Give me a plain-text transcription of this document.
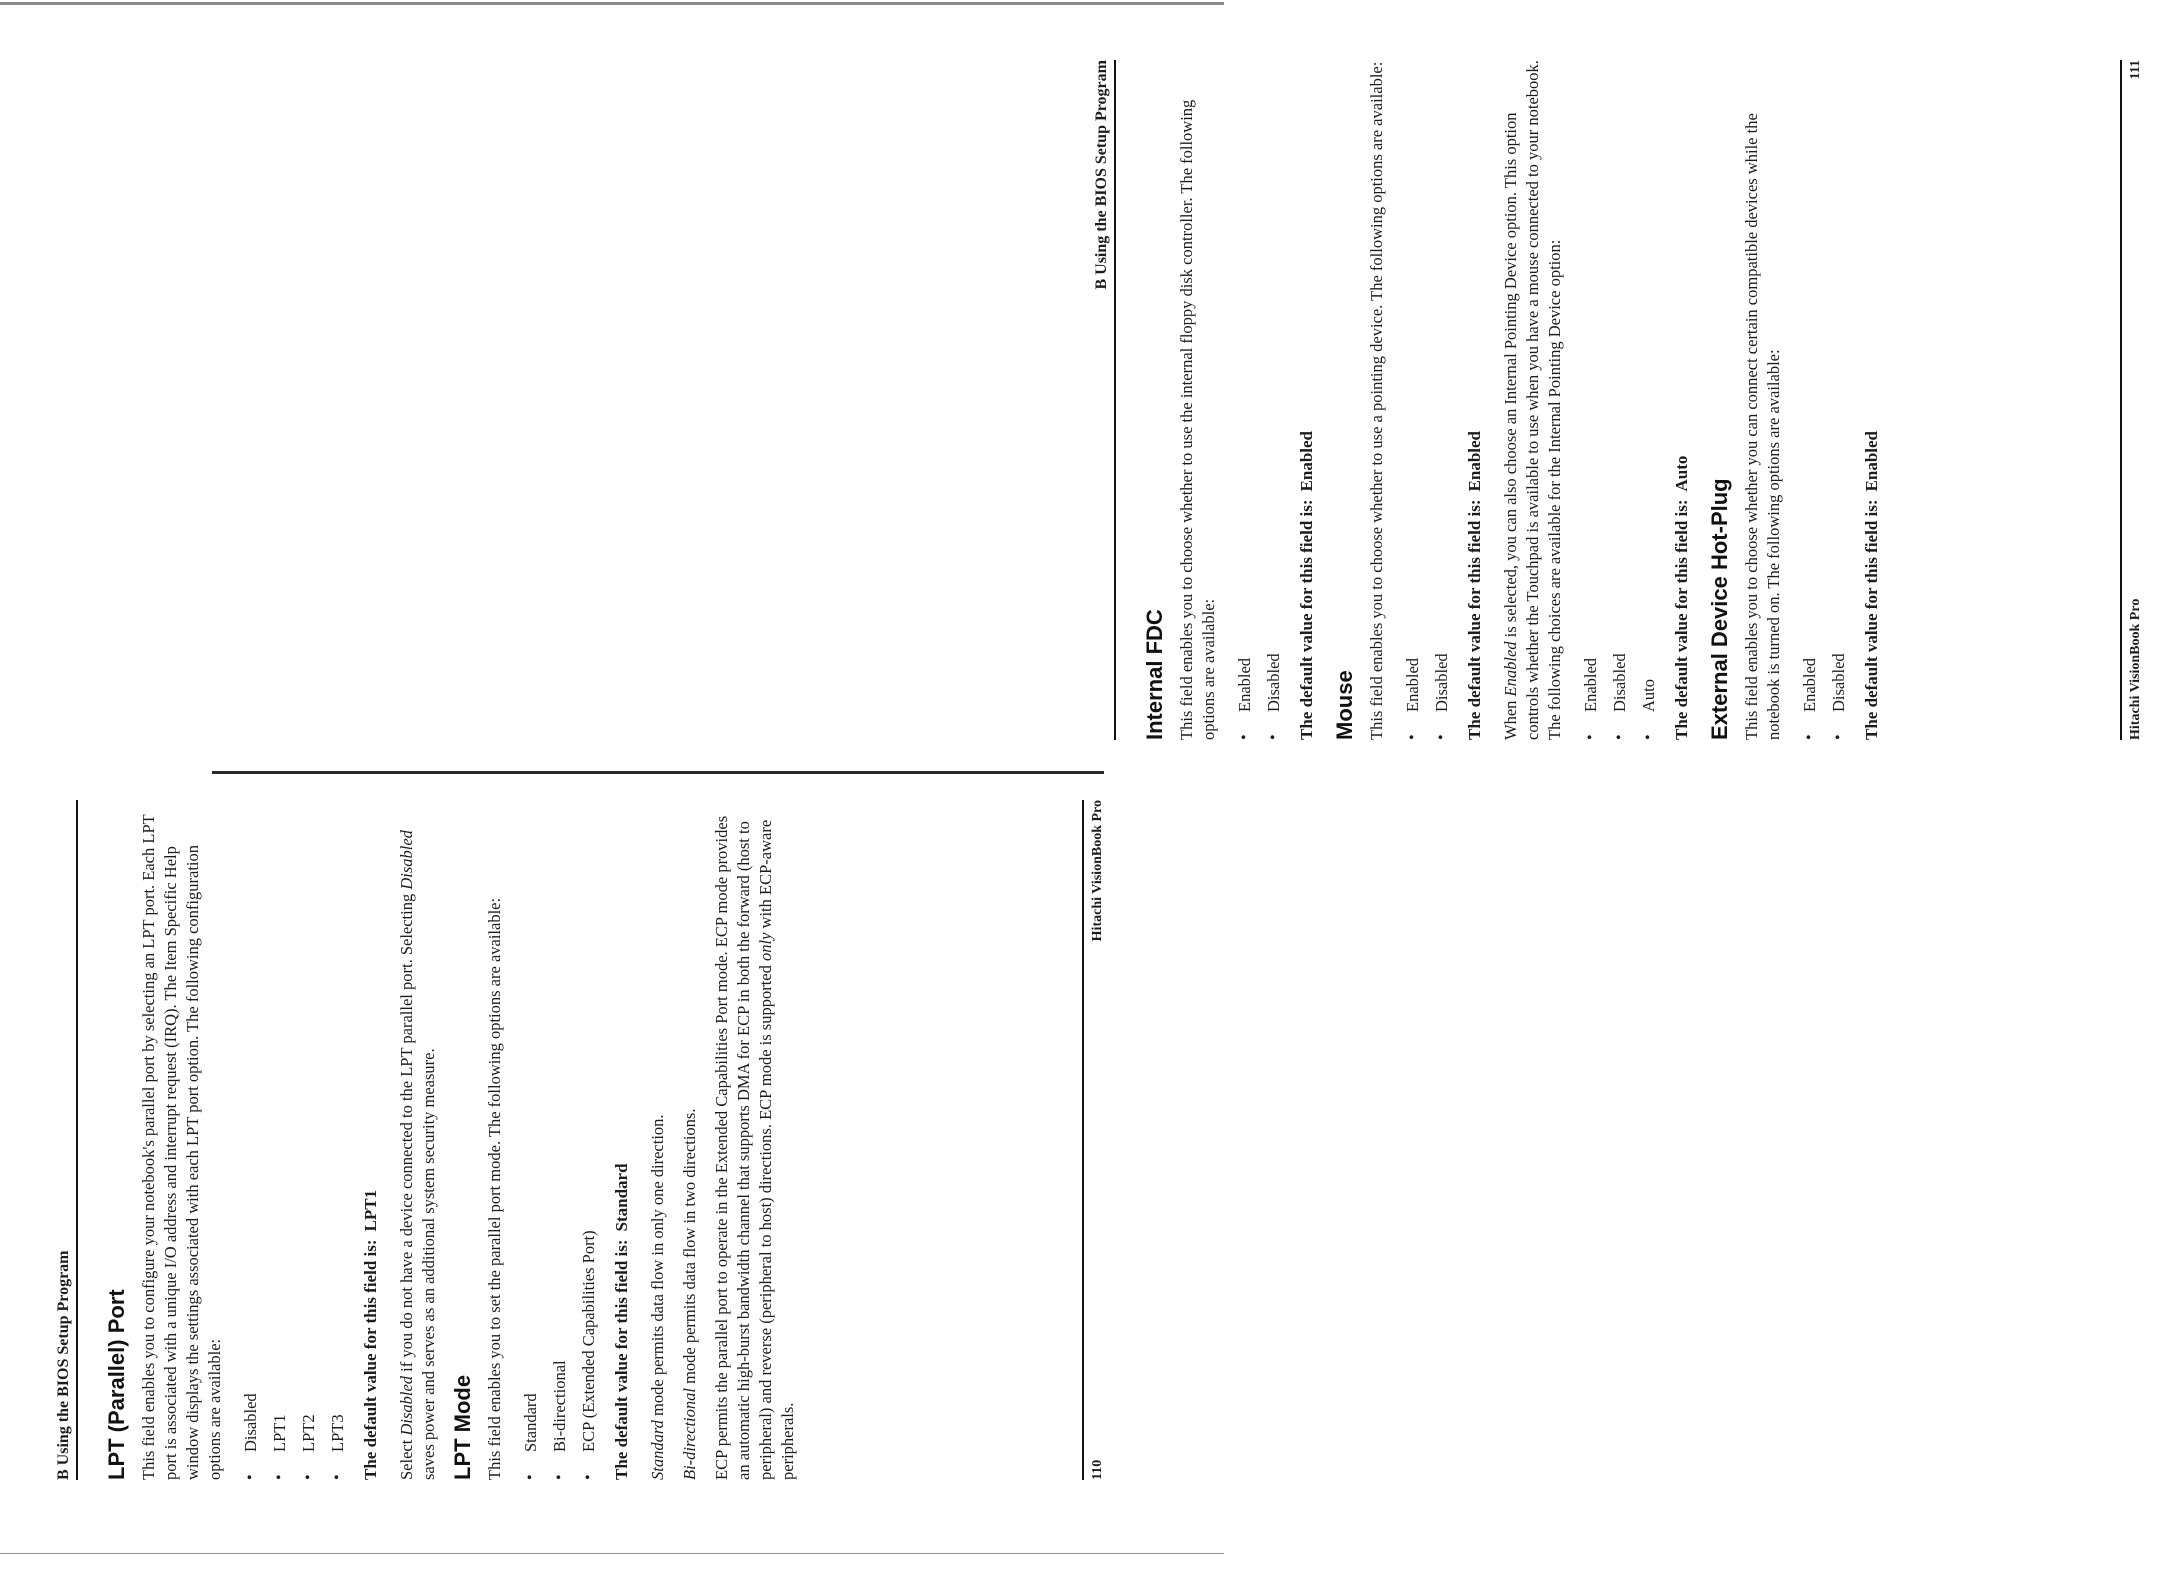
B Using the BIOS Setup Program LPT (Parallel) Port This field enables you to configure your notebook's parallel port by selecting an LPT port. Each LPT port is associated with a unique I/O address and interrupt request (IRQ). The Item Specific Help window displays the settings associated with each LPT port option. The following configuration options are available:	• Disabled • LPT1 • LPT2 • LPT3 The default value for this field is:LPT1

Select Disabled if you do not have a device connected to the LPT parallel port. Selecting Disabled saves power and serves as an additional system security measure. LPT Mode This field enables you to set the parallel port mode. The following options are available:	• Standard • Bi-directional • ECP (Extended Capabilities Port) The default value for this field is:Standard

Standard mode permits data flow in only one direction.

Bi-directional mode permits data flow in two directions. ECP permits the parallel port to operate in the Extended Capabilities Port mode. ECP mode provides an automatic high-burst bandwidth channel that supports DMA for ECP in both the forward (host to peripheral) and reverse (peripheral to host) directions. ECP mode is supported only with ECP-aware peripherals.	110
Hitachi VisionBook Pro
B Using the BIOS Setup Program
Internal FDC This field enables you to choose whether to use the internal floppy disk controller. The following options are available:	• Enabled • Disabled The default value for this field is:Enabled

Mouse This field enables you to choose whether to use a pointing device. The following options are available:	• Enabled • Disabled The default value for this field is:Enabled

When Enabled is selected, you can also choose an Internal Pointing Device option. This option controls whether the Touchpad is available to use when you have a mouse connected to your notebook. The following choices are available for the Internal Pointing Device option:	• Enabled • Disabled • Auto The default value for this field is:Auto

External Device Hot-Plug This field enables you to choose whether you can connect certain compatible devices while the notebook is turned on. The following options are available:	• Enabled • Disabled The default value for this field is:Enabled

Hitachi VisionBook Pro
111
